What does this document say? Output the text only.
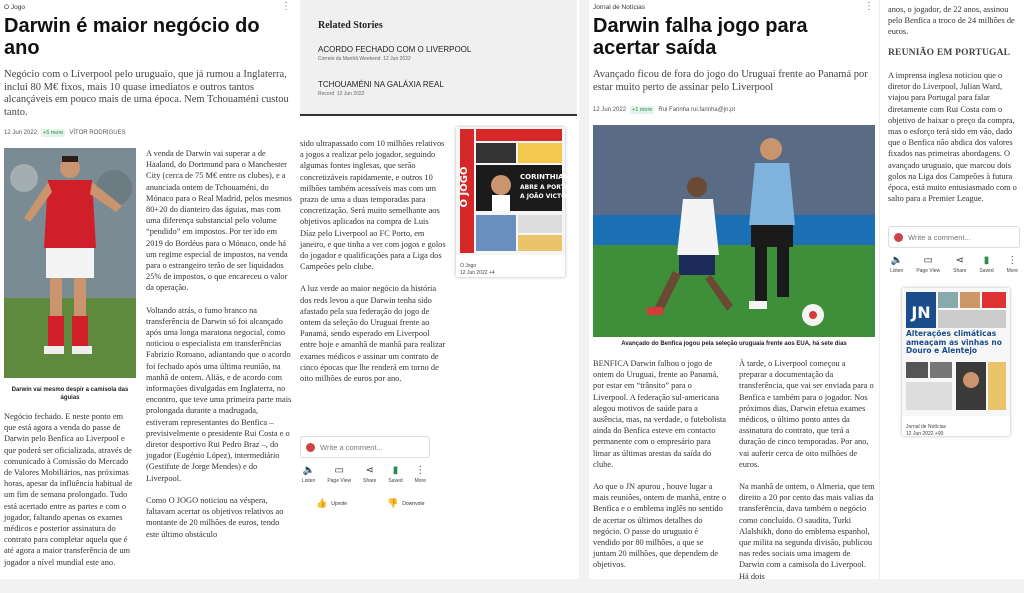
O Jogo	⋮
Darwin é maior negócio do ano

Negócio com o Liverpool pelo uruguaio, que já rumou a Inglaterra, inclui 80 M€ fixos, mais 10 quase imediatos e outros tantos alcançáveis em pouco mais de uma época. Nem Tchouaméni custou tanto.

12 Jun 2022	+5 more	VÍTOR RODRIGUES

Darwin vai mesmo despir a camisola das águias

A venda de Darwin vai superar a de Haaland, do Dortmund para o Manchester City (cerca de 75 M€ entre os clubes), e a anunciada ontem de Tchouaméni, do Mónaco para o Real Madrid, pelos mesmos 80+20 do dianteiro das águias, mas com uma diferença substancial pelo volume “pendido” em impostos. Por ter ido em 2019 do Bordéus para o Mónaco, onde há um regime especial de impostos, na venda para o estrangeiro terão de ser liquidados 25% de impostos, o que encareceu o valor da operação.

Voltando atrás, o fumo branco na transferência de Darwin só foi alcançado após uma longa maratona negocial, como noticiou o especialista em transferências Fabrizio Romano, adiantando que o acordo foi fechado após uma última reunião, na manhã de ontem. Aliás, e de acordo com informações divulgadas em Inglaterra, no encontro, que teve uma primeira parte mais prolongada durante a madrugada, estiveram representantes do Benfica – previsivelmente o presidente Rui Costa e o diretor desportivo Rui Pedro Braz –, do jogador (Eugénio López), intermediário (Gestifute de Jorge Mendes) e do Liverpool.

Como O JOGO noticiou na véspera, faltavam acertar os objetivos relativos ao montante de 20 milhões de euros, tendo este último obstáculo

Negócio fechado. E neste ponto em que está agora a venda do passe de Darwin pelo Benfica ao Liverpool e que poderá ser oficializada, através de comunicado à Comissão do Mercado de Valores Mobiliários, nas próximas horas, apesar da influência habitual de um fim de semana prolongado. Tudo está acertado entre as partes e com o jogador, faltando apenas os exames médicos e posterior assinatura do contrato para completar aquela que é até agora a maior transferência de um jogador a nível mundial este ano.

sido ultrapassado com 10 milhões relativos a jogos a realizar pelo jogador, seguindo algumas fontes inglesas, que serão concretizáveis rapidamente, e outros 10 milhões também acessíveis mas com um prazo de uma a duas temporadas para concretização. Será muito semelhante aos objetivos aplicados na compra de Luis Díaz pelo Liverpool ao FC Porto, em janeiro, e que tinha a ver com jogos e golos do jogador e qualificações para a Liga dos Campeões pelo clube.

A luz verde ao maior negócio da história dos reds levou a que Darwin tenha sido afastado pela sua federação do jogo de ontem da seleção do Uruguai frente ao Panamá, sendo esperado em Liverpool entre hoje e amanhã de manhã para realizar exames médicos e assinar um contrato de cinco épocas que lhe renderá em torno de oito milhões de euros por ano.

O JOGO	CORINTHIANS
ABRE A PORTA
A JOÃO VICTOR
O Jogo
12 Jun 2022 +4
Write a comment...
🔈
Listen
▭
Page View
⋖
Share
▮
Saved
⋮
More
👍 Upvote	👎 Downvote
Related Stories
ACORDO FECHADO COM O LIVERPOOL
Correio da Manhã Weekend 12 Jun 2022
TCHOUAMÉNI NA GALÁXIA REAL
Record 12 Jun 2022
Jornal de Notícias	⋮
Darwin falha jogo para acertar saída

Avançado ficou de fora do jogo do Uruguai frente ao Panamá por estar muito perto de assinar pelo Liverpool

12 Jun 2022	+1 more	Rui Farinha rui.farinha@jn.pt

Avançado do Benfica jogou pela seleção uruguaia frente aos EUA, há sete dias

BENFICA Darwin falhou o jogo de ontem do Uruguai, frente ao Panamá, por estar em “trânsito” para o Liverpool. A federação sul-americana alegou motivos de saúde para a ausência, mas, na verdade, o futebolista ainda do Benfica esteve em contacto permanente com o empresário para limar as últimas arestas da saída do clube.

Ao que o JN apurou , houve lugar a mais reuniões, ontem de manhã, entre o Benfica e o emblema inglês no sentido de acertar os últimos detalhes do negócio. O passe do uruguaio é vendido por 80 milhões, a que se juntam 20 milhões, que dependem de objetivos.

À tarde, o Liverpool começou a preparar a documentação da transferência, que vai ser enviada para o Benfica e também para o jogador. Nos próximos dias, Darwin efetua exames médicos, o último ponto antes da assinatura do contrato, que terá a duração de cinco temporadas. Por ano, vai auferir cerca de oito milhões de euros.

Na manhã de ontem, o Almeria, que tem direito a 20 por cento das mais valias da transferência, dava também o negócio como concluído. O saudita, Turki Alalshikh, dono do emblema espanhol, que milita na segunda divisão, publicou nas redes sociais uma imagem de Darwin com a camisola do Liverpool. Há dois

anos, o jogador, de 22 anos, assinou pelo Benfica a troco de 24 milhões de euros.

REUNIÃO EM PORTUGAL

A imprensa inglesa noticiou que o diretor do Liverpool, Julian Ward, viajou para Portugal para falar diretamente com Rui Costa com o objetivo de baixar o preço da compra, mas o esforço terá sido em vão, dado que o Benfica não abdica dos valores fixados nas primeiras abordagens. O avançado uruguaio, que marcou dois golos na Liga dos Campeões à futura época, está muito entusiasmado com o salto para a Premier League.

Write a comment...
🔈
Listen
▭
Page View
⋖
Share
▮
Saved
⋮
More
JN
Alterações climáticas ameaçam as vinhas no Douro e Alentejo
Jornal de Notícias
12 Jun 2022 +90
